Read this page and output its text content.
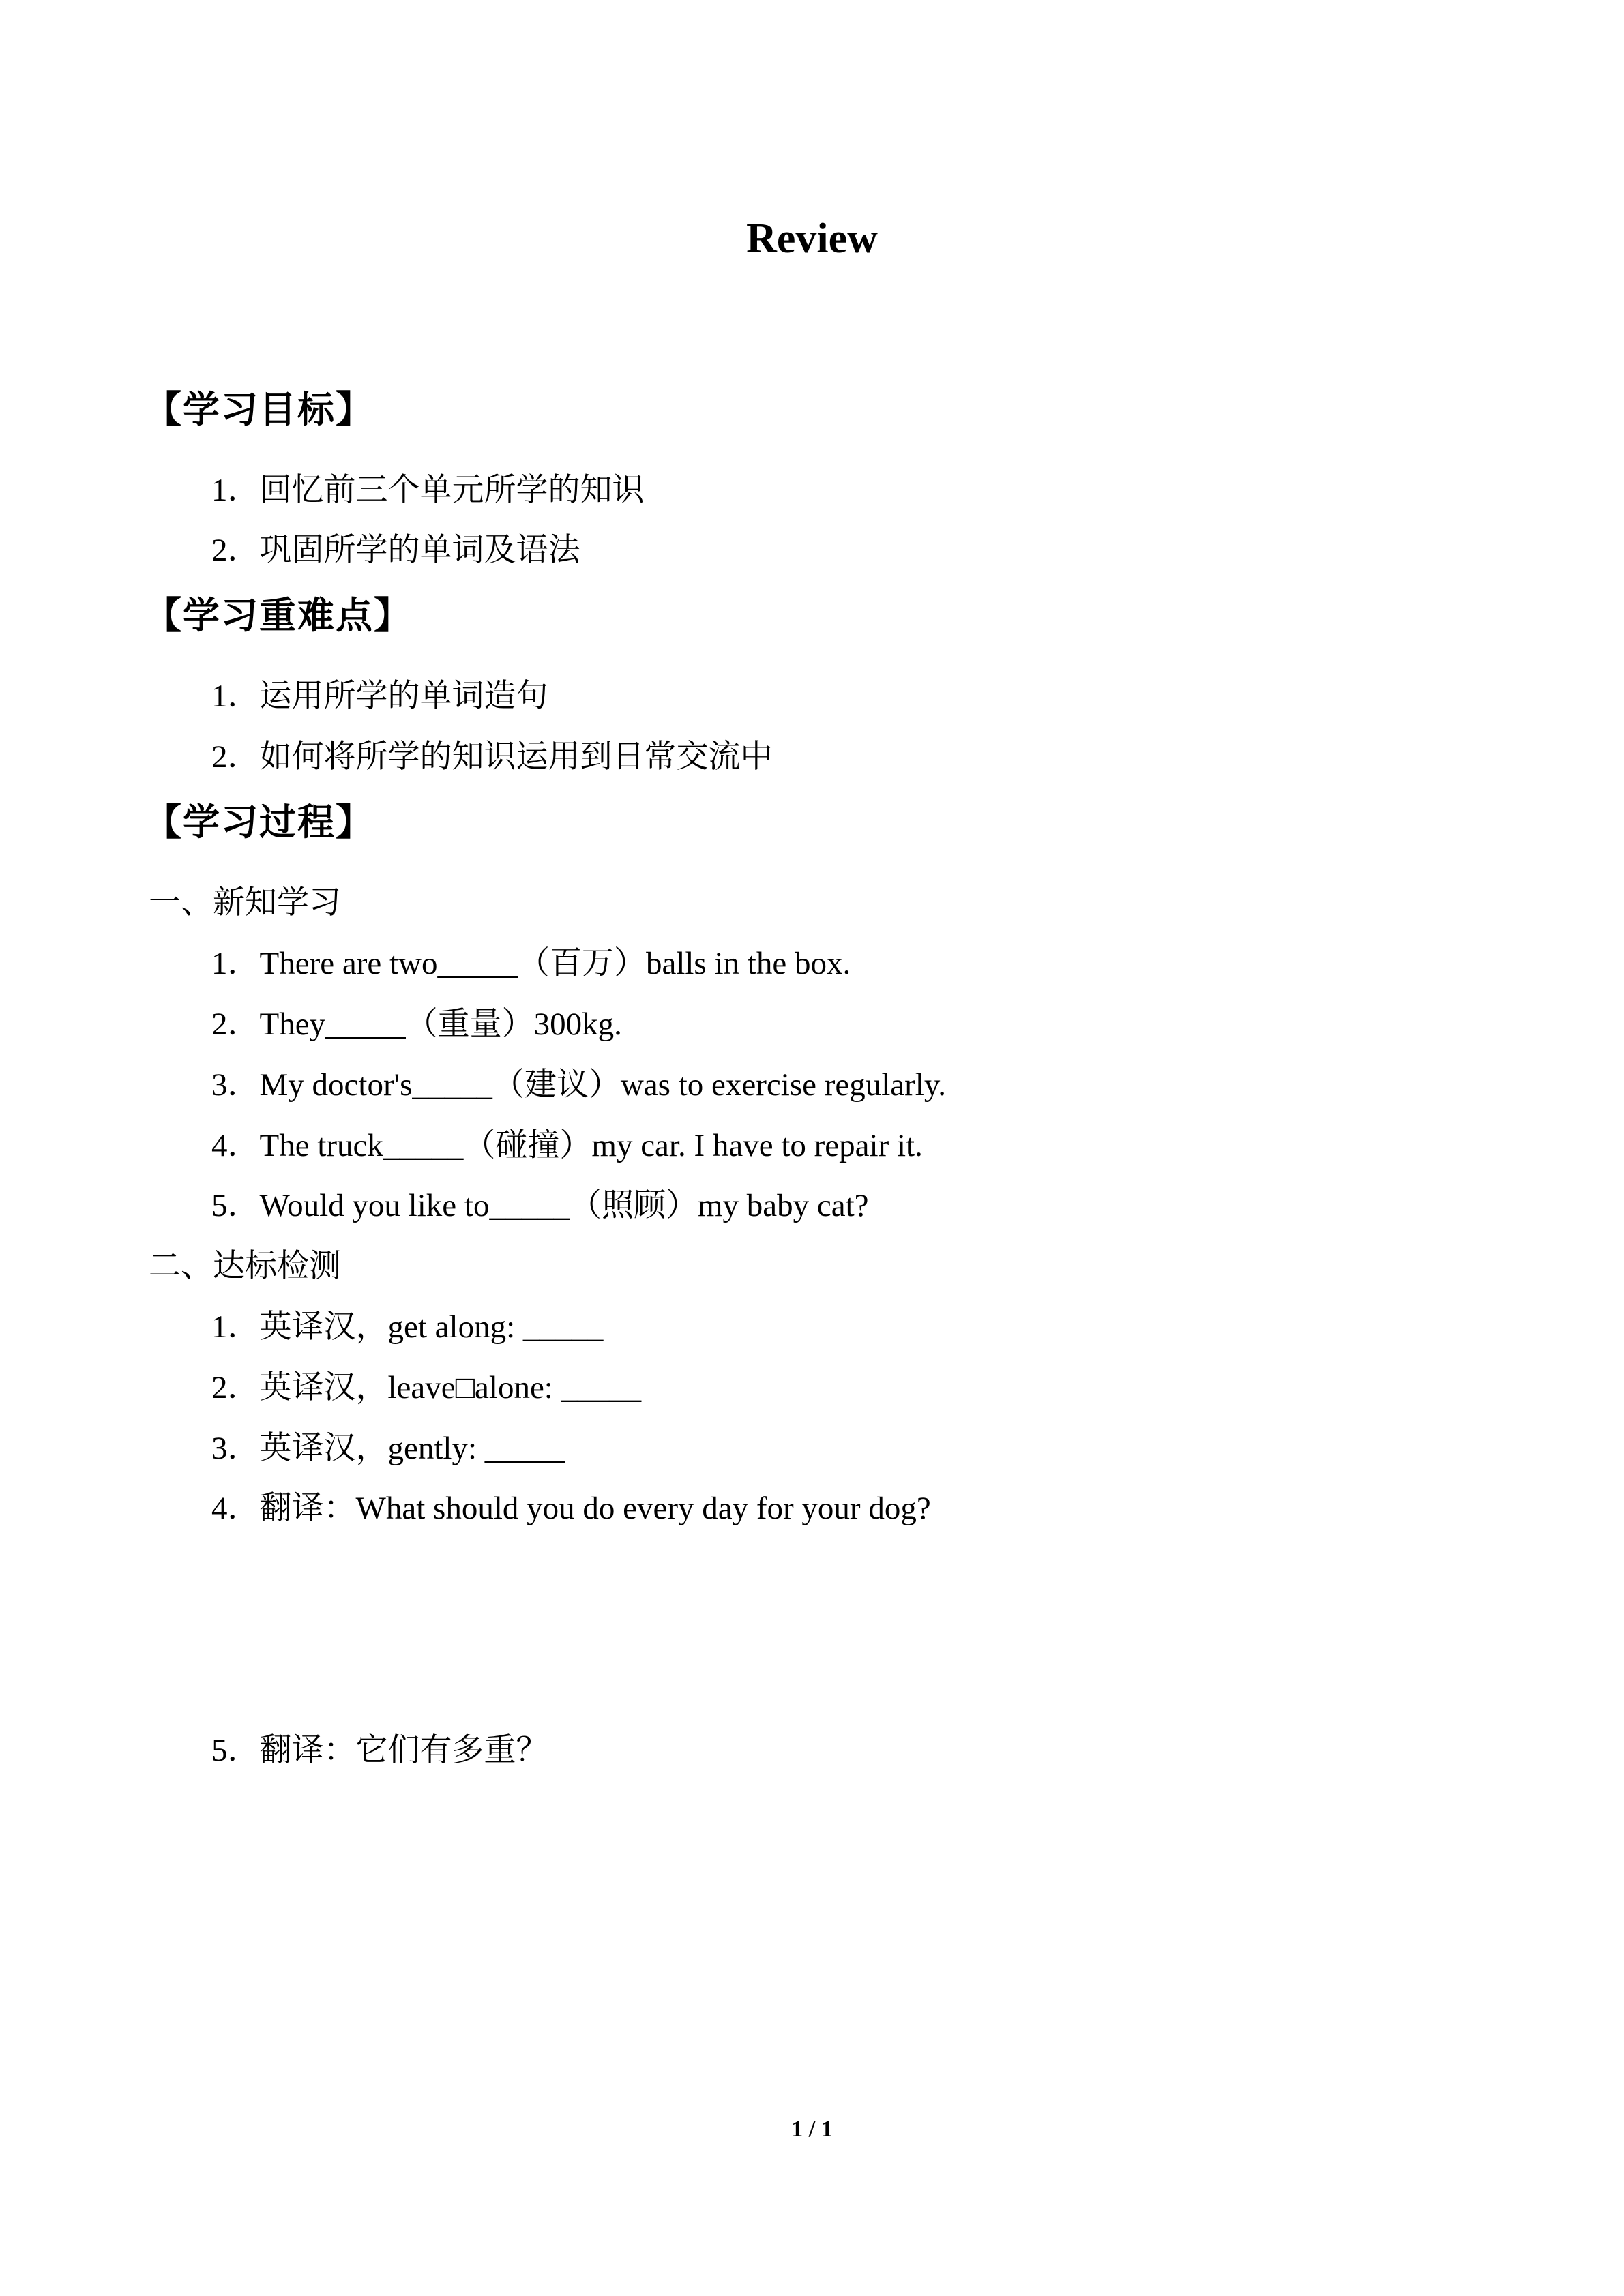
Review
【学习目标】
1．回忆前三个单元所学的知识
2．巩固所学的单词及语法
【学习重难点】
1．运用所学的单词造句
2．如何将所学的知识运用到日常交流中
【学习过程】
一、新知学习
1．There are two_____（百万）balls in the box.
2．They_____（重量）300kg.
3．My doctor's_____（建议）was to exercise regularly.
4．The truck_____（碰撞）my car. I have to repair it.
5．Would you like to_____（照顾）my baby cat?
二、达标检测
1．英译汉，get along: _____
2．英译汉，leave□alone: _____
3．英译汉，gently: _____
4．翻译：What should you do every day for your dog?
5．翻译：它们有多重？
1 / 1
